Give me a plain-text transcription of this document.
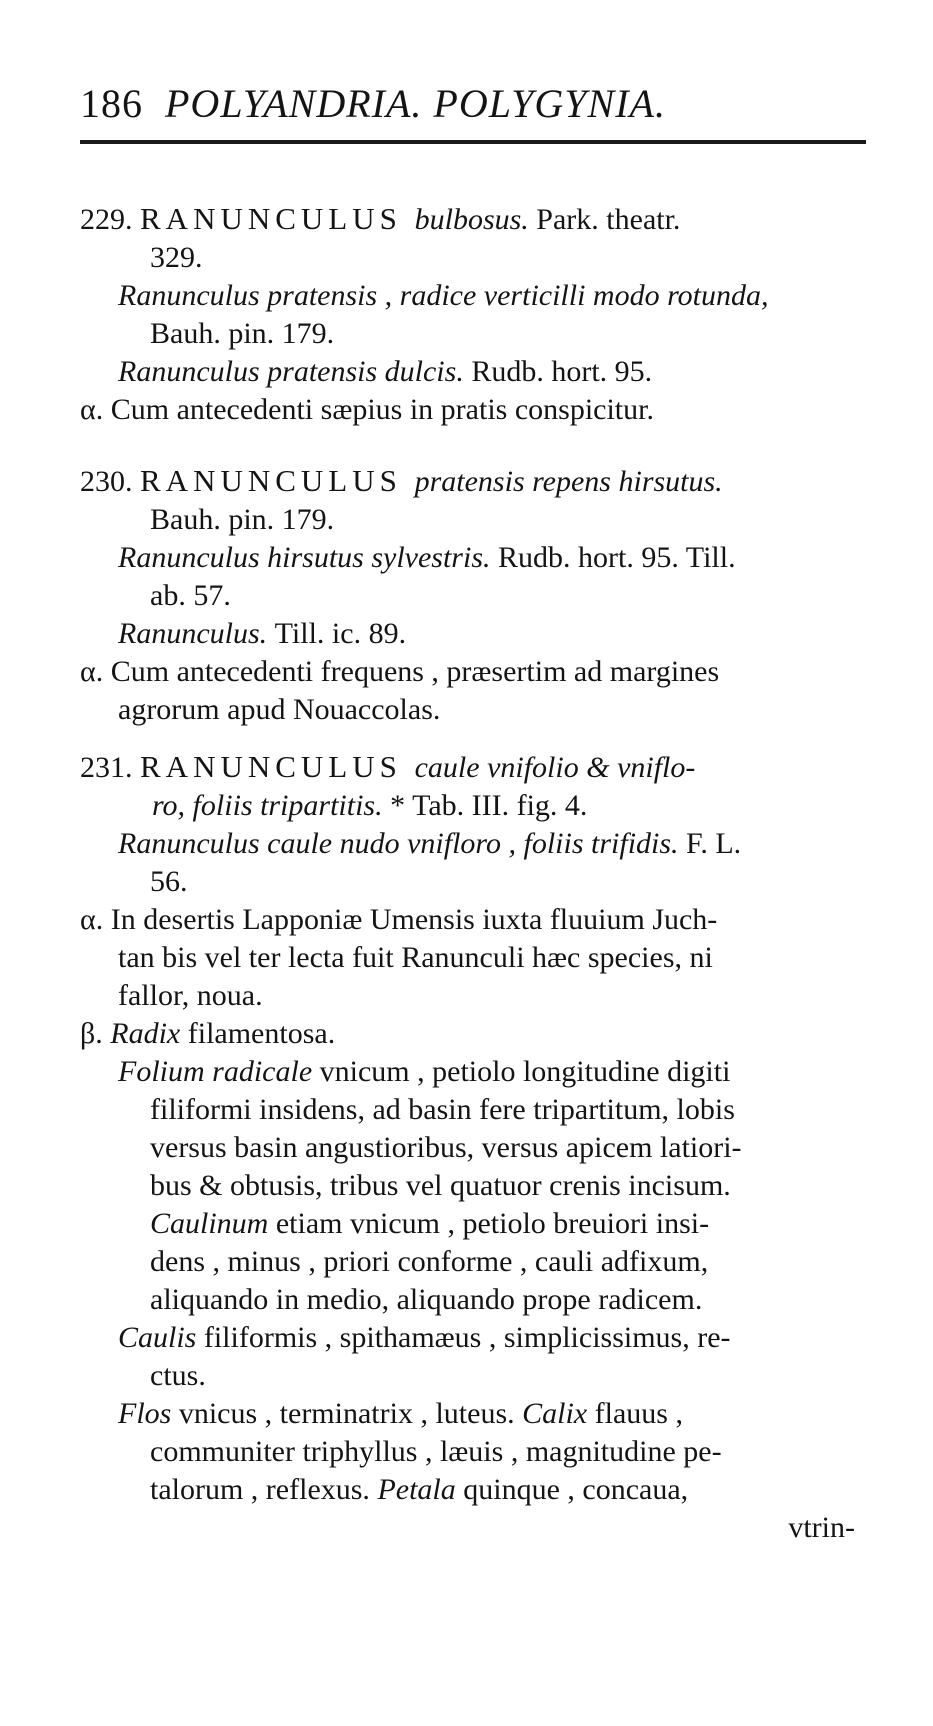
186 POLYANDRIA. POLYGYNIA.
229. RANUNCULUS bulbosus. Park. theatr.
329.
Ranunculus pratensis , radice verticilli modo rotunda,
Bauh. pin. 179.
Ranunculus pratensis dulcis. Rudb. hort. 95.
α. Cum antecedenti sæpius in pratis conspicitur.
230. RANUNCULUS pratensis repens hirsutus.
Bauh. pin. 179.
Ranunculus hirsutus sylvestris. Rudb. hort. 95. Till.
ab. 57.
Ranunculus. Till. ic. 89.
α. Cum antecedenti frequens , præsertim ad margines
agrorum apud Nouaccolas.
231. RANUNCULUS caule vnifolio & vniflo-
ro, foliis tripartitis. * Tab. III. fig. 4.
Ranunculus caule nudo vnifloro , foliis trifidis. F. L.
56.
α. In desertis Lapponiæ Umensis iuxta fluuium Juch-
tan bis vel ter lecta fuit Ranunculi hæc species, ni
fallor, noua.
β. Radix filamentosa.
Folium radicale vnicum , petiolo longitudine digiti
filiformi insidens, ad basin fere tripartitum, lobis
versus basin angustioribus, versus apicem latiori-
bus & obtusis, tribus vel quatuor crenis incisum.
Caulinum etiam vnicum , petiolo breuiori insi-
dens , minus , priori conforme , cauli adfixum,
aliquando in medio, aliquando prope radicem.
Caulis filiformis , spithamæus , simplicissimus, re-
ctus.
Flos vnicus , terminatrix , luteus. Calix flauus ,
communiter triphyllus , læuis , magnitudine pe-
talorum , reflexus. Petala quinque , concaua,
vtrin-
